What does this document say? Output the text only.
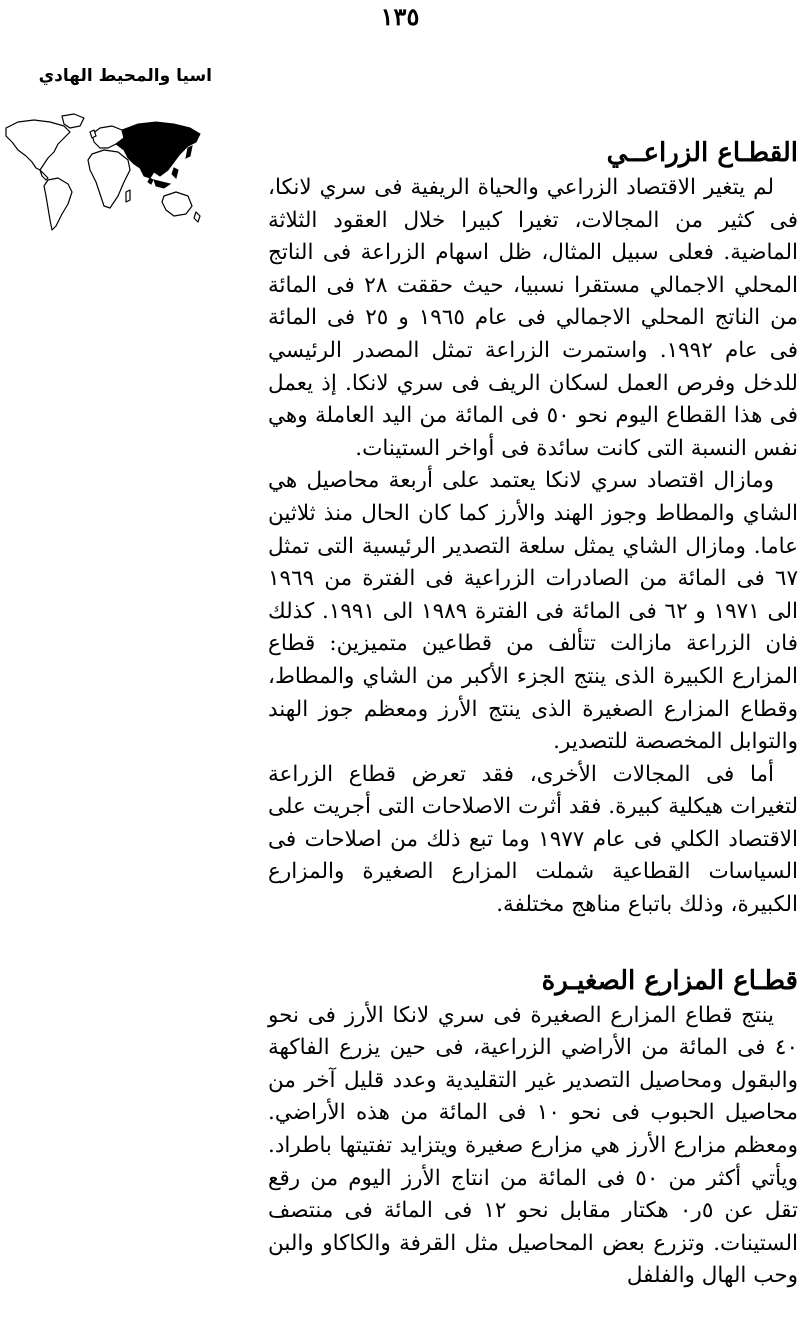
١٣٥
اسيا والمحيط الهادي
القطـاع الزراعــي

لم يتغير الاقتصاد الزراعي والحياة الريفية فى سري لانكا، فى كثير من المجالات، تغيرا كبيرا خلال العقود الثلاثة الماضية. فعلى سبيل المثال، ظل اسهام الزراعة فى الناتج المحلي الاجمالي مستقرا نسبيا، حيث حققت ٢٨ فى المائة من الناتج المحلي الاجمالي فى عام ١٩٦٥ و ٢٥ فى المائة فى عام ١٩٩٢. واستمرت الزراعة تمثل المصدر الرئيسي للدخل وفرص العمل لسكان الريف فى سري لانكا. إذ يعمل فى هذا القطاع اليوم نحو ٥٠ فى المائة من اليد العاملة وهي نفس النسبة التى كانت سائدة فى أواخر الستينات.

ومازال اقتصاد سري لانكا يعتمد على أربعة محاصيل هي الشاي والمطاط وجوز الهند والأرز كما كان الحال منذ ثلاثين عاما. ومازال الشاي يمثل سلعة التصدير الرئيسية التى تمثل ٦٧ فى المائة من الصادرات الزراعية فى الفترة من ١٩٦٩ الى ١٩٧١ و ٦٢ فى المائة فى الفترة ١٩٨٩ الى ١٩٩١. كذلك فان الزراعة مازالت تتألف من قطاعين متميزين: قطاع المزارع الكبيرة الذى ينتج الجزء الأكبر من الشاي والمطاط، وقطاع المزارع الصغيرة الذى ينتج الأرز ومعظم جوز الهند والتوابل المخصصة للتصدير.

أما فى المجالات الأخرى، فقد تعرض قطاع الزراعة لتغيرات هيكلية كبيرة. فقد أثرت الاصلاحات التى أجريت على الاقتصاد الكلي فى عام ١٩٧٧ وما تبع ذلك من اصلاحات فى السياسات القطاعية شملت المزارع الصغيرة والمزارع الكبيرة، وذلك باتباع مناهج مختلفة.

قطـاع المزارع الصغيـرة

ينتج قطاع المزارع الصغيرة فى سري لانكا الأرز فى نحو ٤٠ فى المائة من الأراضي الزراعية، فى حين يزرع الفاكهة والبقول ومحاصيل التصدير غير التقليدية وعدد قليل آخر من محاصيل الحبوب فى نحو ١٠ فى المائة من هذه الأراضي. ومعظم مزارع الأرز هي مزارع صغيرة ويتزايد تفتيتها باطراد. ويأتي أكثر من ٥٠ فى المائة من انتاج الأرز اليوم من رقع تقل عن ٥ر٠ هكتار مقابل نحو ١٢ فى المائة فى منتصف الستينات. وتزرع بعض المحاصيل مثل القرفة والكاكاو والبن وحب الهال والفلفل
